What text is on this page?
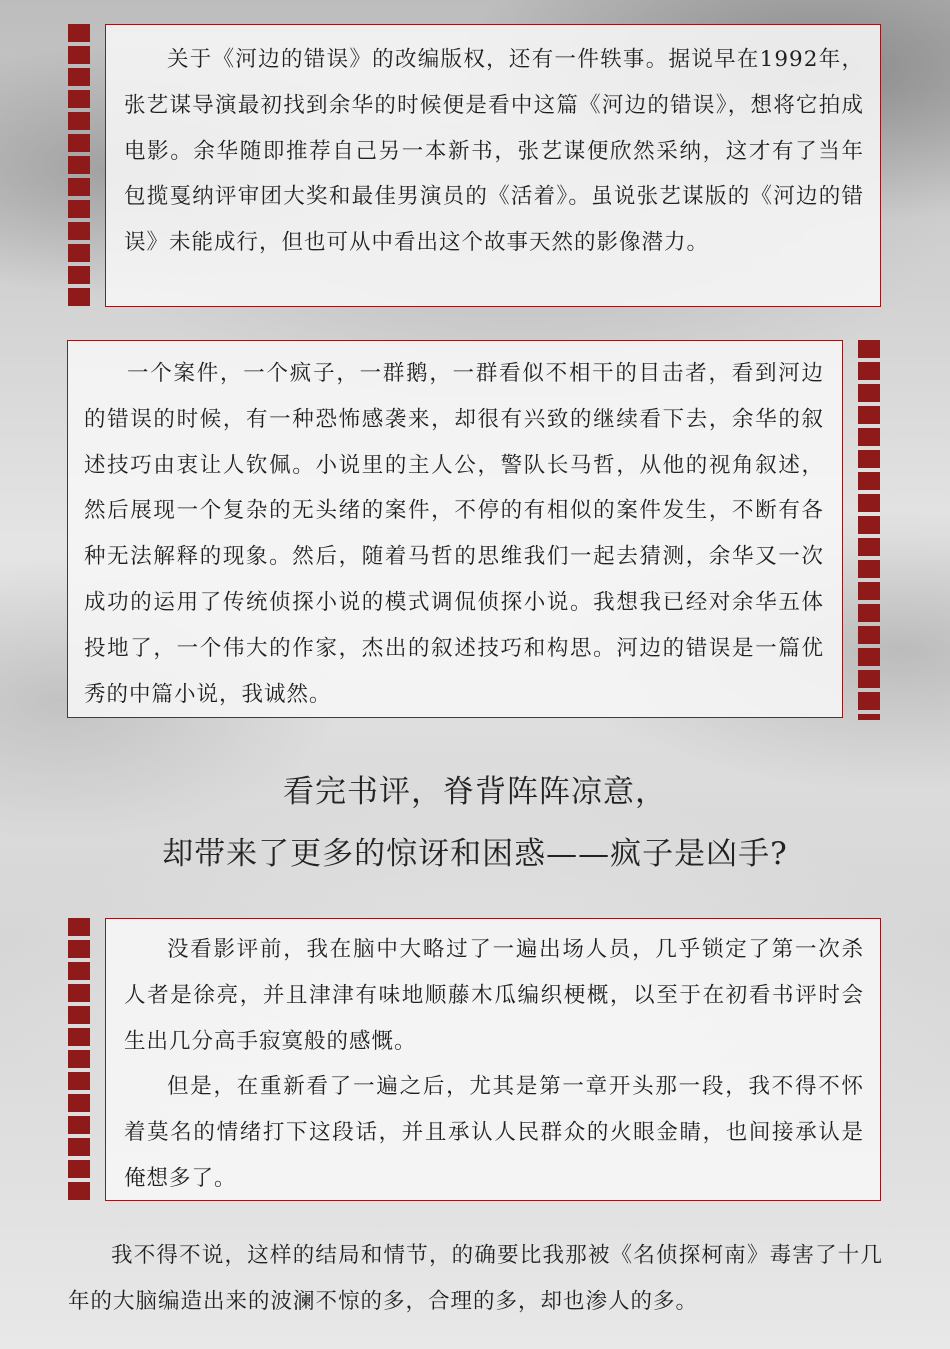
关于《河边的错误》的改编版权，还有一件轶事。据说早在1992年，张艺谋导演最初找到余华的时候便是看中这篇《河边的错误》，想将它拍成电影。余华随即推荐自己另一本新书，张艺谋便欣然采纳，这才有了当年包揽戛纳评审团大奖和最佳男演员的《活着》。虽说张艺谋版的《河边的错误》未能成行，但也可从中看出这个故事天然的影像潜力。

一个案件，一个疯子，一群鹅，一群看似不相干的目击者，看到河边的错误的时候，有一种恐怖感袭来，却很有兴致的继续看下去，余华的叙述技巧由衷让人钦佩。小说里的主人公，警队长马哲，从他的视角叙述，然后展现一个复杂的无头绪的案件，不停的有相似的案件发生，不断有各种无法解释的现象。然后，随着马哲的思维我们一起去猜测，余华又一次成功的运用了传统侦探小说的模式调侃侦探小说。我想我已经对余华五体投地了，一个伟大的作家，杰出的叙述技巧和构思。河边的错误是一篇优秀的中篇小说，我诚然。

看完书评，脊背阵阵凉意，
却带来了更多的惊讶和困惑——疯子是凶手?

没看影评前，我在脑中大略过了一遍出场人员，几乎锁定了第一次杀人者是徐亮，并且津津有味地顺藤木瓜编织梗概，以至于在初看书评时会生出几分高手寂寞般的感慨。

但是，在重新看了一遍之后，尤其是第一章开头那一段，我不得不怀着莫名的情绪打下这段话，并且承认人民群众的火眼金睛，也间接承认是俺想多了。

我不得不说，这样的结局和情节，的确要比我那被《名侦探柯南》毒害了十几年的大脑编造出来的波澜不惊的多，合理的多，却也渗人的多。
